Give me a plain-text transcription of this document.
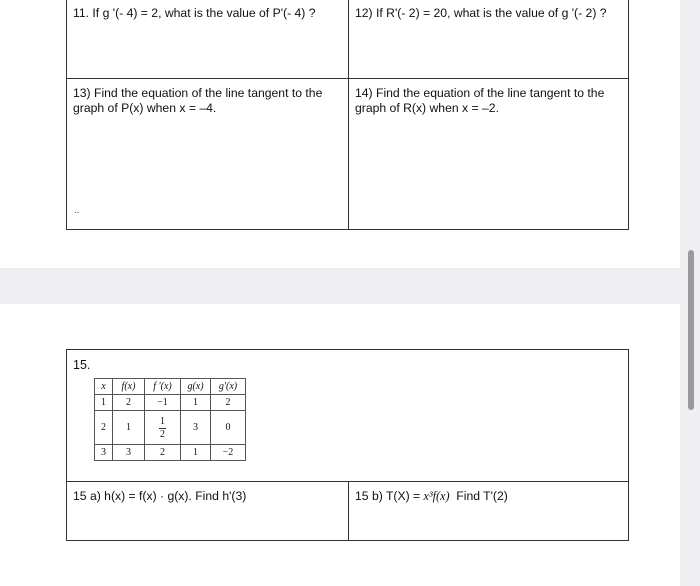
11. If g '(- 4) = 2, what is the value of P'(- 4) ?	12) If R'(- 2) = 20, what is the value of g '(- 2) ?
13) Find the equation of the line tangent to the
graph of P(x) when x = –4.
14) Find the equation of the line tangent to the
graph of R(x) when x = –2.
..
15.
x	f(x)	f '(x)	g(x)	g'(x)
1	2	−1	1	2
2	1	$\frac{1}{2}$	3	0
3	3	2	1	−2
15 a) h(x) = f(x) · g(x). Find h'(3)	15 b) T(X) = x³f(x)  Find T'(2)
